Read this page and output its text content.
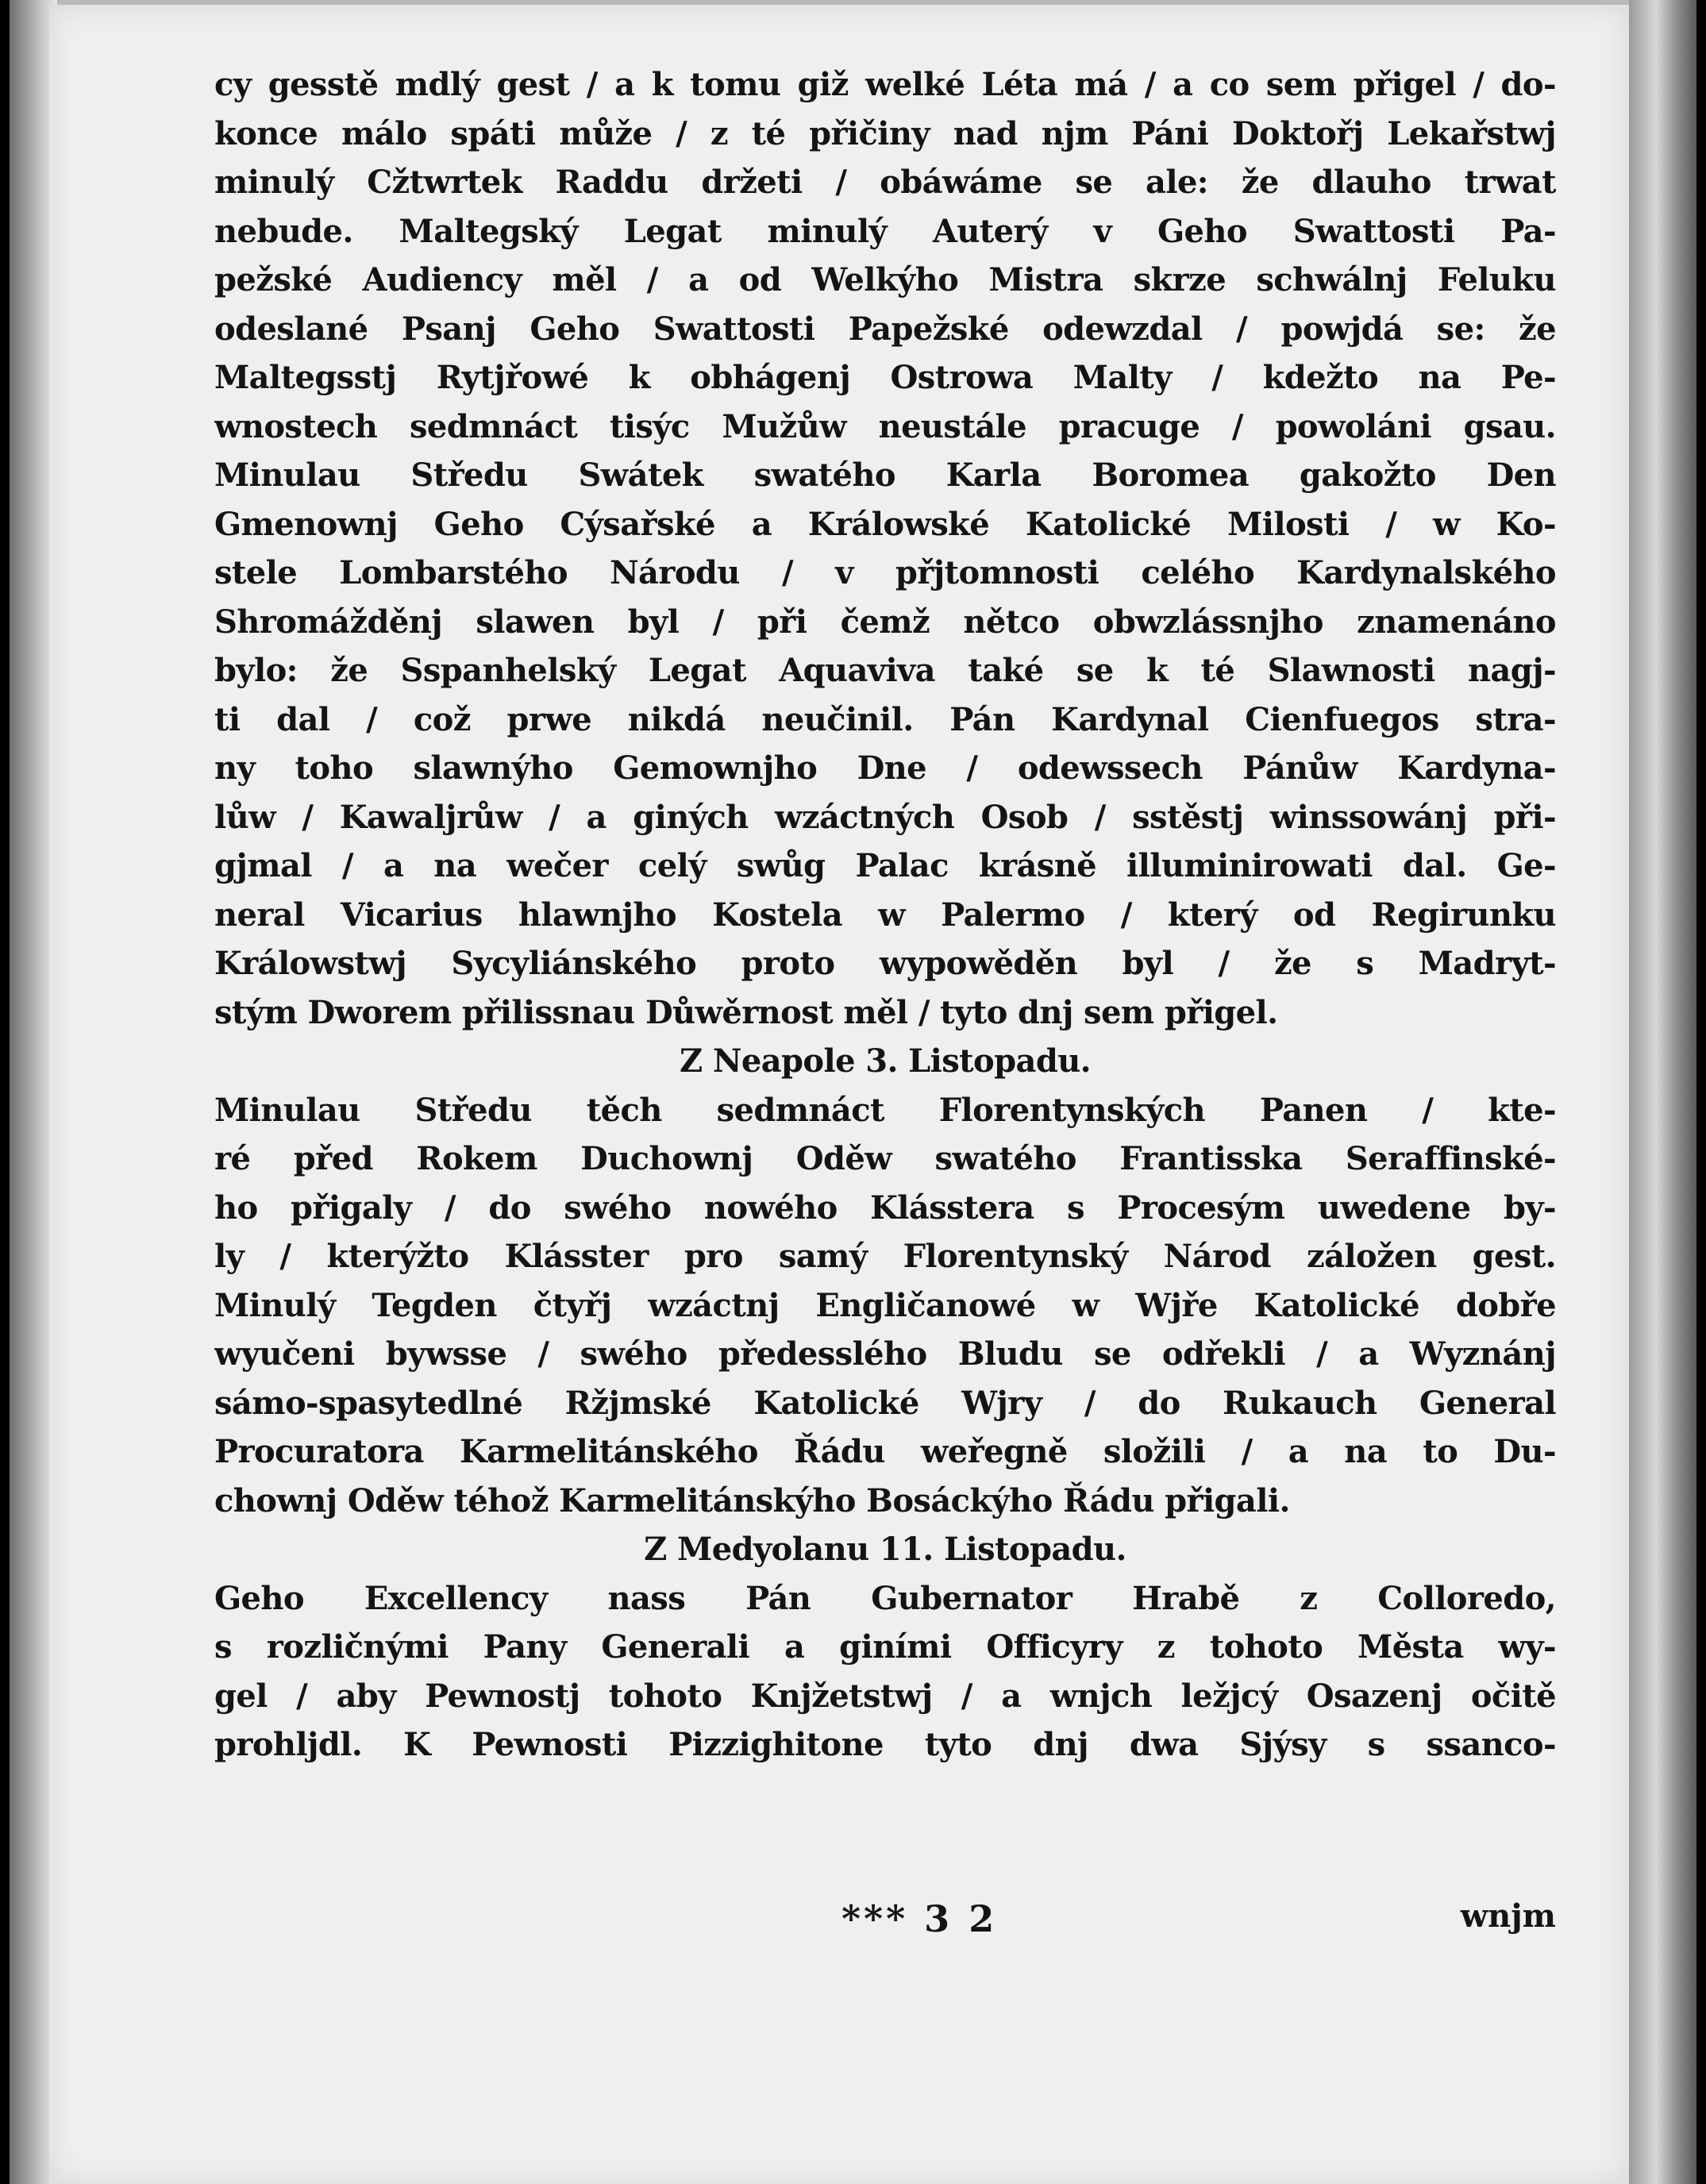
cy gesstě mdlý gest / a k tomu giž welké Léta má / a co sem přigel / do-
konce málo spáti může / z té přičiny nad njm Páni Doktořj Lekařstwj
minulý Cžtwrtek Raddu držeti / obáwáme se ale: že dlauho trwat
nebude. Maltegský Legat minulý Auterý v Geho Swattosti Pa-
pežské Audiency měl / a od Welkýho Mistra skrze schwálnj Feluku
odeslané Psanj Geho Swattosti Papežské odewzdal / powjdá se: že
Maltegsstj Rytjřowé k obhágenj Ostrowa Malty / kdežto na Pe-
wnostech sedmnáct tisýc Mužůw neustále pracuge / powoláni gsau.
Minulau Středu Swátek swatého Karla Boromea gakožto Den
Gmenownj Geho Cýsařské a Králowské Katolické Milosti / w Ko-
stele Lombarstého Národu / v přjtomnosti celého Kardynalského
Shromážděnj slawen byl / při čemž nětco obwzlássnjho znamenáno
bylo: že Sspanhelský Legat Aquaviva také se k té Slawnosti nagj-
ti dal / což prwe nikdá neučinil. Pán Kardynal Cienfuegos stra-
ny toho slawnýho Gemownjho Dne / odewssech Pánůw Kardyna-
lůw / Kawaljrůw / a giných wzáctných Osob / sstěstj winssowánj při-
gjmal / a na wečer celý swůg Palac krásně illuminirowati dal. Ge-
neral Vicarius hlawnjho Kostela w Palermo / který od Regirunku
Králowstwj Sycyliánského proto wypowěděn byl / že s Madryt-
stým Dworem přilissnau Důwěrnost měl / tyto dnj sem přigel.
Z Neapole 3. Listopadu.
Minulau Středu těch sedmnáct Florentynských Panen / kte-
ré před Rokem Duchownj Oděw swatého Frantisska Seraffinské-
ho přigaly / do swého nowého Klásstera s Procesým uwedene by-
ly / kterýžto Klásster pro samý Florentynský Národ záložen gest.
Minulý Tegden čtyřj wzáctnj Engličanowé w Wjře Katolické dobře
wyučeni bywsse / swého předesslého Bludu se odřekli / a Wyznánj
sámo-spasytedlné Ržjmské Katolické Wjry / do Rukauch General
Procuratora Karmelitánského Řádu weřegně složili / a na to Du-
chownj Oděw téhož Karmelitánskýho Bosáckýho Řádu přigali.
Z Medyolanu 11. Listopadu.
Geho Excellency nass Pán Gubernator Hrabě z Colloredo,
s rozličnými Pany Generali a giními Officyry z tohoto Města wy-
gel / aby Pewnostj tohoto Knjžetstwj / a wnjch ležjcý Osazenj očitě
prohljdl. K Pewnosti Pizzighitone tyto dnj dwa Sjýsy s ssanco-
*** 3 2	wnjm
